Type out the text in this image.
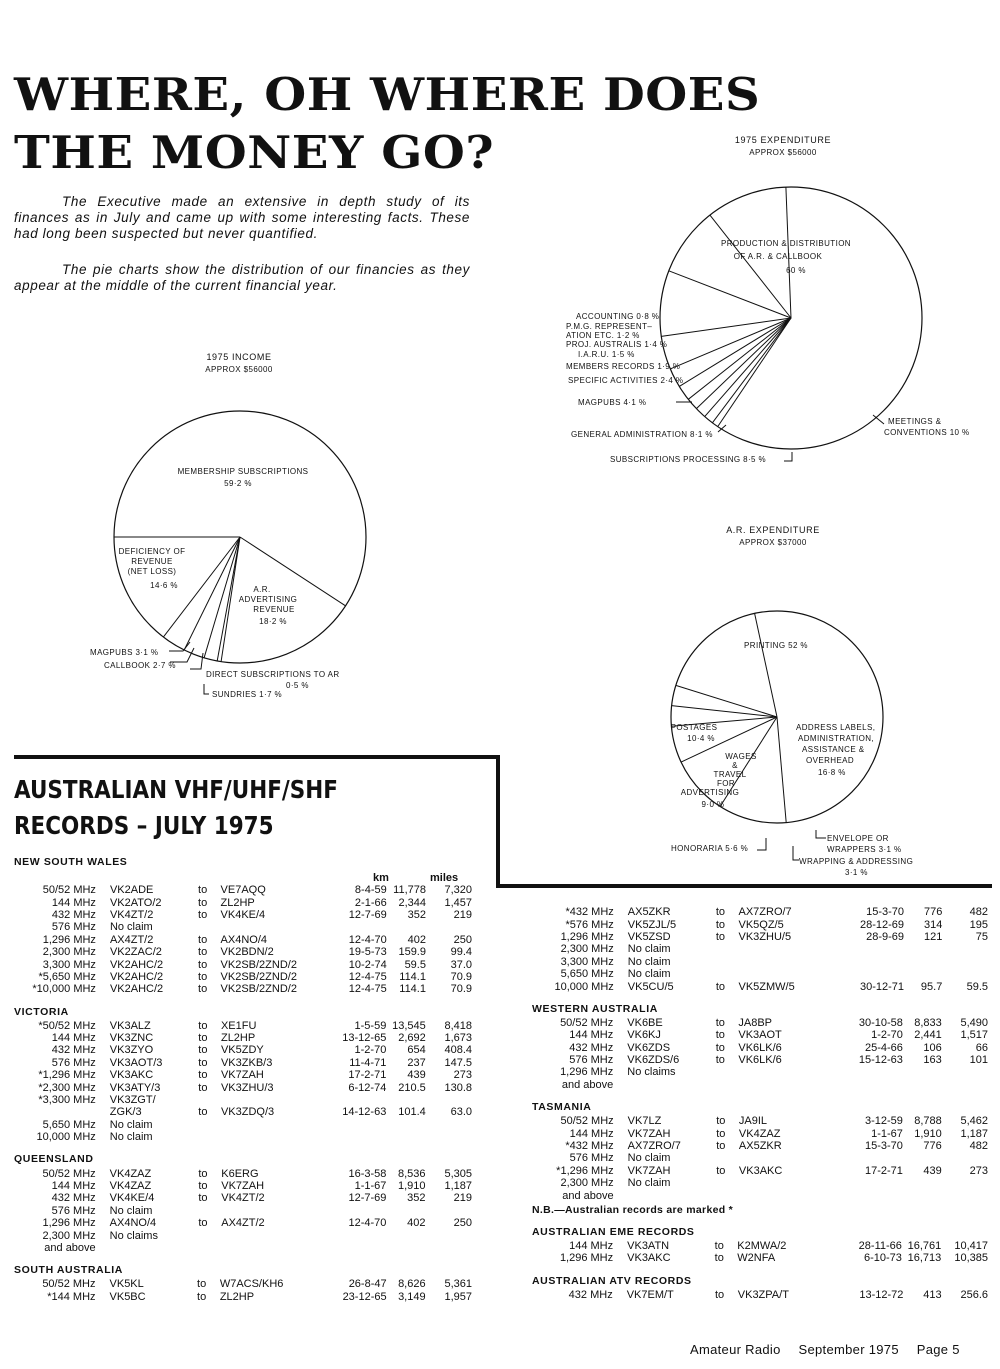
WHERE, OH WHERE DOES
THE MONEY GO?

The Executive made an extensive in depth study of its finances as in July and came up with some interesting facts. These had long been suspected but never quantified.

The pie charts show the distribution of our financies as they appear at the middle of the current financial year.

1975 INCOME
APPROX $56000
MEMBERSHIP SUBSCRIPTIONS
59·2 %
DEFICIENCY OF
REVENUE
(NET LOSS)
14·6 %	A.R.
ADVERTISING
REVENUE
18·2 %
MAGPUBS 3·1 %
CALLBOOK 2·7 %
DIRECT SUBSCRIPTIONS TO AR
0·5 %
SUNDRIES 1·7 %
1975 EXPENDITURE
APPROX $56000
PRODUCTION & DISTRIBUTION
OF A.R. & CALLBOOK
60 %
ACCOUNTING 0·8 %
P.M.G. REPRESENT–
ATION ETC. 1·2 %
PROJ. AUSTRALIS 1·4 %
I.A.R.U. 1·5 %
MEMBERS RECORDS 1·9 %
SPECIFIC ACTIVITIES 2·4 %
MAGPUBS 4·1 %
GENERAL ADMINISTRATION 8·1 %
SUBSCRIPTIONS PROCESSING 8·5 %
MEETINGS &
CONVENTIONS 10 %
A.R. EXPENDITURE
APPROX $37000
PRINTING 52 %
POSTAGES
10·4 %
WAGES
&
TRAVEL
FOR
ADVERTISING
9·0 %
ADDRESS LABELS,
ADMINISTRATION,
ASSISTANCE &
OVERHEAD
16·8 %
HONORARIA 5·6 %
ENVELOPE OR
WRAPPERS 3·1 %
WRAPPING & ADDRESSING
3·1 %
AUSTRALIAN VHF/UHF/SHF
RECORDS – JULY 1975
NEW SOUTH WALES
km	miles
50/52 MHz	VK2ADE	to	VE7AQQ	8-4-59	11,778	7,320
144 MHz	VK2ATO/2	to	ZL2HP	2-1-66	2,344	1,457
432 MHz	VK4ZT/2	to	VK4KE/4	12-7-69	352	219
576 MHz	No claim					
1,296 MHz	AX4ZT/2	to	AX4NO/4	12-4-70	402	250
2,300 MHz	VK2ZAC/2	to	VK2BDN/2	19-5-73	159.9	99.4
3,300 MHz	VK2AHC/2	to	VK2SB/2ZND/2	10-2-74	59.5	37.0
*5,650 MHz	VK2AHC/2	to	VK2SB/2ZND/2	12-4-75	114.1	70.9
*10,000 MHz	VK2AHC/2	to	VK2SB/2ZND/2	12-4-75	114.1	70.9
VICTORIA
*50/52 MHz	VK3ALZ	to	XE1FU	1-5-59	13,545	8,418
144 MHz	VK3ZNC	to	ZL2HP	13-12-65	2,692	1,673
432 MHz	VK3ZYO	to	VK5ZDY	1-2-70	654	408.4
576 MHz	VK3AOT/3	to	VK3ZKB/3	11-4-71	237	147.5
*1,296 MHz	VK3AKC	to	VK7ZAH	17-2-71	439	273
*2,300 MHz	VK3ATY/3	to	VK3ZHU/3	6-12-74	210.5	130.8
*3,300 MHz	VK3ZGT/					
	ZGK/3	to	VK3ZDQ/3	14-12-63	101.4	63.0
5,650 MHz	No claim					
10,000 MHz	No claim					
QUEENSLAND
50/52 MHz	VK4ZAZ	to	K6ERG	16-3-58	8,536	5,305
144 MHz	VK4ZAZ	to	VK7ZAH	1-1-67	1,910	1,187
432 MHz	VK4KE/4	to	VK4ZT/2	12-7-69	352	219
576 MHz	No claim					
1,296 MHz	AX4NO/4	to	AX4ZT/2	12-4-70	402	250
2,300 MHz	No claims					
and above						
SOUTH AUSTRALIA
50/52 MHz	VK5KL	to	W7ACS/KH6	26-8-47	8,626	5,361
*144 MHz	VK5BC	to	ZL2HP	23-12-65	3,149	1,957
*432 MHz	AX5ZKR	to	AX7ZRO/7	15-3-70	776	482
*576 MHz	VK5ZJL/5	to	VK5QZ/5	28-12-69	314	195
1,296 MHz	VK5ZSD	to	VK3ZHU/5	28-9-69	121	75
2,300 MHz	No claim					
3,300 MHz	No claim					
5,650 MHz	No claim					
10,000 MHz	VK5CU/5	to	VK5ZMW/5	30-12-71	95.7	59.5
WESTERN AUSTRALIA
50/52 MHz	VK6BE	to	JA8BP	30-10-58	8,833	5,490
144 MHz	VK6KJ	to	VK3AOT	1-2-70	2,441	1,517
432 MHz	VK6ZDS	to	VK6LK/6	25-4-66	106	66
576 MHz	VK6ZDS/6	to	VK6LK/6	15-12-63	163	101
1,296 MHz	No claims					
and above						
TASMANIA
50/52 MHz	VK7LZ	to	JA9IL	3-12-59	8,788	5,462
144 MHz	VK7ZAH	to	VK4ZAZ	1-1-67	1,910	1,187
*432 MHz	AX7ZRO/7	to	AX5ZKR	15-3-70	776	482
576 MHz	No claim					
*1,296 MHz	VK7ZAH	to	VK3AKC	17-2-71	439	273
2,300 MHz	No claim					
and above						
N.B.—Australian records are marked *
AUSTRALIAN EME RECORDS
144 MHz	VK3ATN	to	K2MWA/2	28-11-66	16,761	10,417
1,296 MHz	VK3AKC	to	W2NFA	6-10-73	16,713	10,385
AUSTRALIAN ATV RECORDS
432 MHz	VK7EM/T	to	VK3ZPA/T	13-12-72	413	256.6
Amateur Radio September 1975 Page 5
